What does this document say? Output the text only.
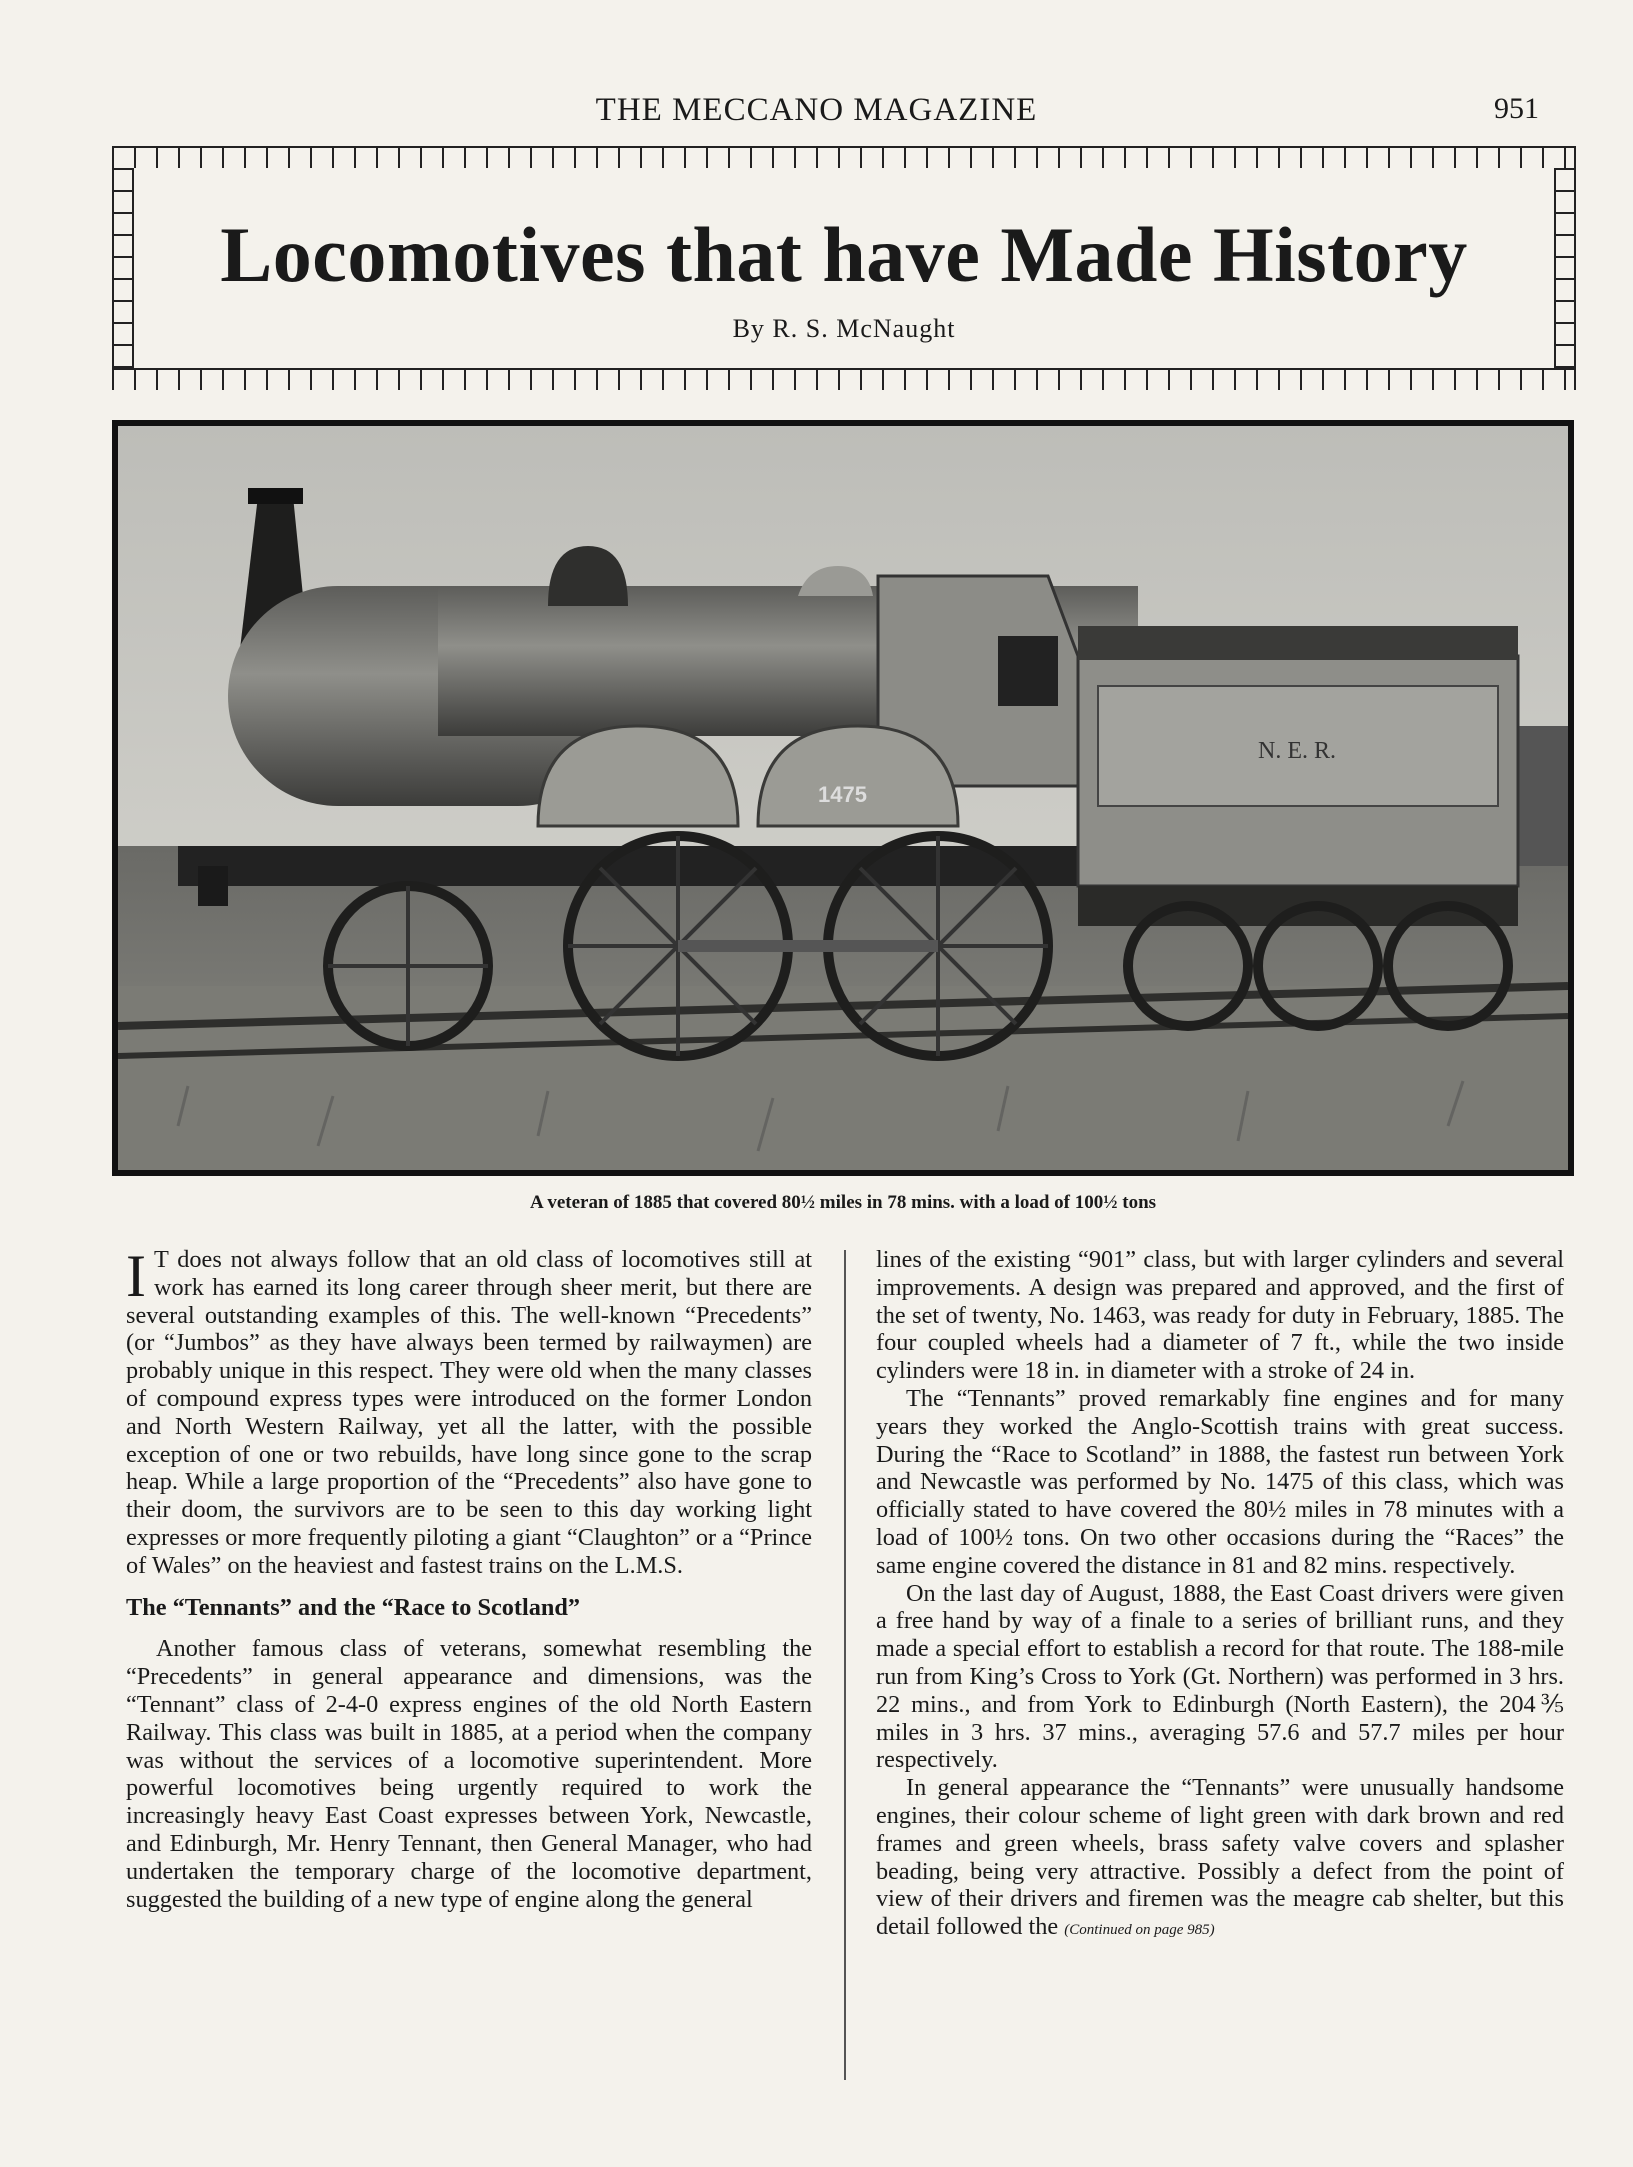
THE MECCANO MAGAZINE	951
Locomotives that have Made History
By R. S. McNaught
1475
N. E. R.
A veteran of 1885 that covered 80½ miles in 78 mins. with a load of 100½ tons

I T does not always follow that an old class of locomotives still at work has earned its long career through sheer merit, but there are several outstanding examples of this. The well-known “Precedents” (or “Jumbos” as they have always been termed by railwaymen) are probably unique in this respect. They were old when the many classes of compound express types were introduced on the former London and North Western Railway, yet all the latter, with the possible exception of one or two rebuilds, have long since gone to the scrap heap. While a large proportion of the “Precedents” also have gone to their doom, the survivors are to be seen to this day working light expresses or more frequently piloting a giant “Claughton” or a “Prince of Wales” on the heaviest and fastest trains on the L.M.S.

The “Tennants” and the “Race to Scotland”

Another famous class of veterans, somewhat resembling the “Precedents” in general appearance and dimensions, was the “Tennant” class of 2-4-0 express engines of the old North Eastern Railway. This class was built in 1885, at a period when the company was without the services of a locomotive superintendent. More powerful locomotives being urgently required to work the increasingly heavy East Coast expresses between York, Newcastle, and Edinburgh, Mr. Henry Tennant, then General Manager, who had undertaken the temporary charge of the locomotive department, suggested the building of a new type of engine along the general

lines of the existing “901” class, but with larger cylinders and several improvements. A design was prepared and approved, and the first of the set of twenty, No. 1463, was ready for duty in February, 1885. The four coupled wheels had a diameter of 7 ft., while the two inside cylinders were 18 in. in diameter with a stroke of 24 in.

The “Tennants” proved remarkably fine engines and for many years they worked the Anglo-Scottish trains with great success. During the “Race to Scotland” in 1888, the fastest run between York and Newcastle was performed by No. 1475 of this class, which was officially stated to have covered the 80½ miles in 78 minutes with a load of 100½ tons. On two other occasions during the “Races” the same engine covered the distance in 81 and 82 mins. respectively.

On the last day of August, 1888, the East Coast drivers were given a free hand by way of a finale to a series of brilliant runs, and they made a special effort to establish a record for that route. The 188-mile run from King’s Cross to York (Gt. Northern) was performed in 3 hrs. 22 mins., and from York to Edinburgh (North Eastern), the 204⅗ miles in 3 hrs. 37 mins., averaging 57.6 and 57.7 miles per hour respectively.

In general appearance the “Tennants” were unusually handsome engines, their colour scheme of light green with dark brown and red frames and green wheels, brass safety valve covers and splasher beading, being very attractive. Possibly a defect from the point of view of their drivers and firemen was the meagre cab shelter, but this detail followed the (Continued on page 985)
